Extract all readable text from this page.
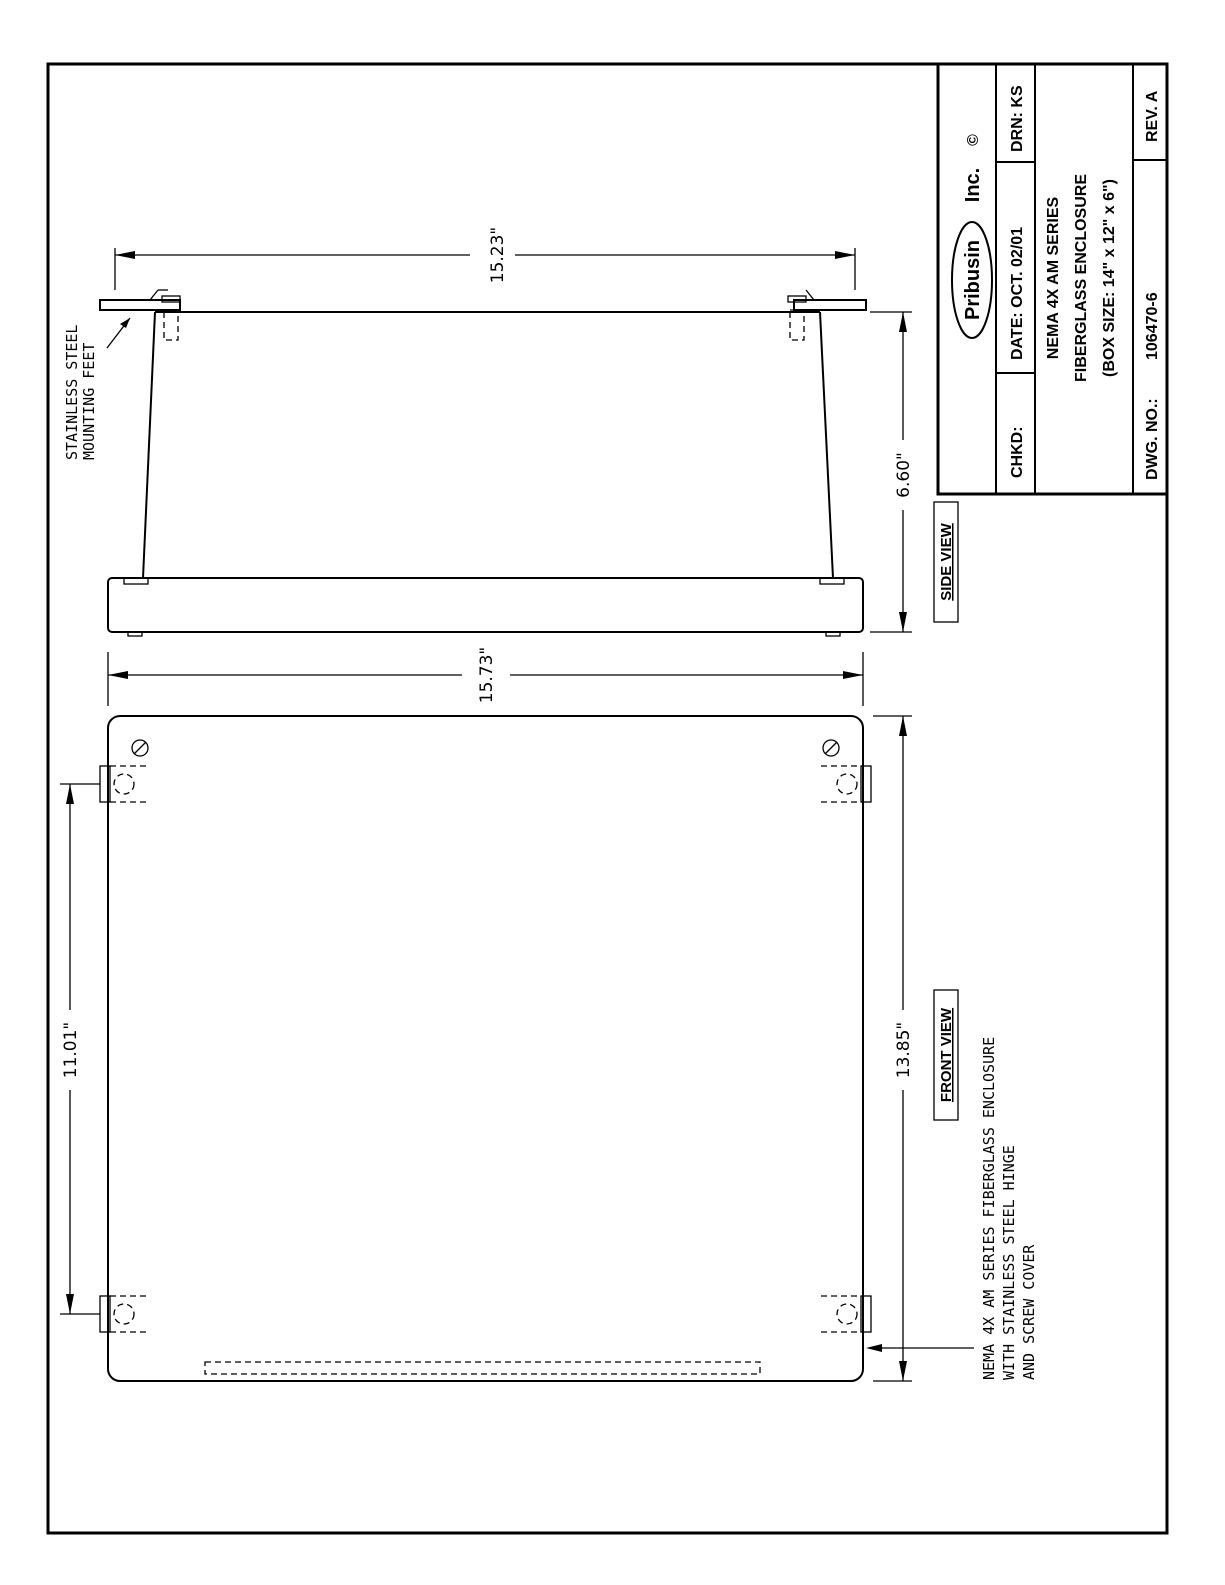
Pribusin
Inc.
©
CHKD:
DATE: OCT. 02/01
DRN: KS
NEMA 4X AM SERIES FIBERGLASS ENCLOSURE (BOX SIZE: 14" x 12" x 6")
DWG. NO.:
106470-6
REV. A
15.23"
6.60"
STAINLESS STEEL MOUNTING FEET
SIDE VIEW
15.73"
13.85"
11.01"	FRONT VIEW NEMA 4X AM SERIES FIBERGLASS ENCLOSURE WITH STAINLESS STEEL HINGE AND SCREW COVER
